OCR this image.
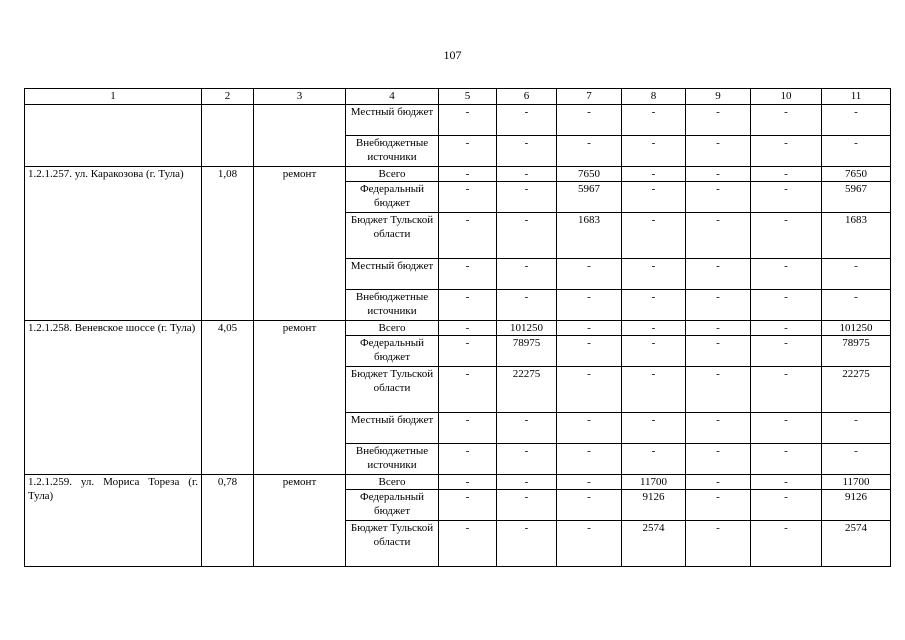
107
1	2	3	4	5	6	7	8	9	10	11
			Местный бюджет	-	-	-	-	-	-	-
			Внебюджетные источники	-	-	-	-	-	-	-
1.2.1.257. ул. Каракозова (г. Тула)	1,08	ремонт	Всего	-	-	7650	-	-	-	7650
			Федеральный бюджет	-	-	5967	-	-	-	5967
			Бюджет Тульской области	-	-	1683	-	-	-	1683
			Местный бюджет	-	-	-	-	-	-	-
			Внебюджетные источники	-	-	-	-	-	-	-
1.2.1.258. Веневское шоссе (г. Тула)	4,05	ремонт	Всего	-	101250	-	-	-	-	101250
			Федеральный бюджет	-	78975	-	-	-	-	78975
			Бюджет Тульской области	-	22275	-	-	-	-	22275
			Местный бюджет	-	-	-	-	-	-	-
			Внебюджетные источники	-	-	-	-	-	-	-
1.2.1.259. ул. Мориса Тореза (г. Тула)	0,78	ремонт	Всего	-	-	-	11700	-	-	11700
			Федеральный бюджет	-	-	-	9126	-	-	9126
			Бюджет Тульской области	-	-	-	2574	-	-	2574
